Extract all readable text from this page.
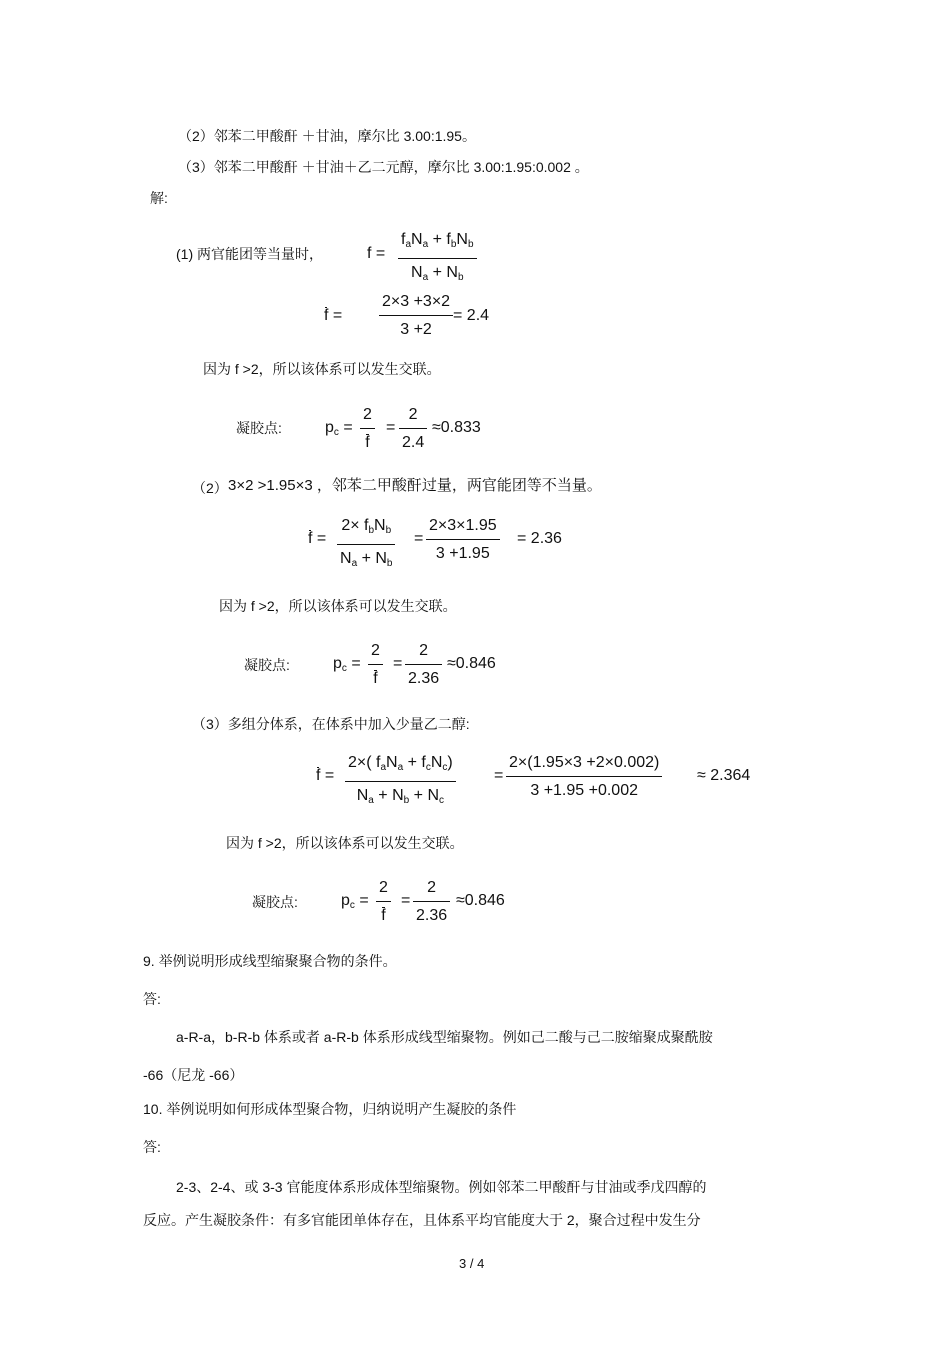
（2）邻苯二甲酸酐 ＋甘油，摩尔比 3.00:1.95。
（3）邻苯二甲酸酐 ＋甘油＋乙二元醇，摩尔比 3.00:1.95:0.002 。
解:
(1) 两官能团等当量时，	f =
$f_aN_a + f_bN_b$
$N_a + N_b$
f =
2×3 +3×2
3 +2
= 2.4
因为 f >2，所以该体系可以发生交联。
凝胶点:	$p_c$ =
2
f
=
2
2.4
≈0.833
（2） 3×2 >1.95×3 ，邻苯二甲酸酐过量，两官能团等不当量。
f =
$2\times f_bN_b$
$N_a + N_b$
=
2×3×1.95
3 +1.95
= 2.36
因为 f >2，所以该体系可以发生交联。
凝胶点:	$p_c$ =
2
f
=
2
2.36
≈0.846
（3）多组分体系，在体系中加入少量乙二醇:
f =
2×( $f_aN_a + f_cN_c$)
$N_a + N_b + N_c$
=
2×(1.95×3 +2×0.002)
3 +1.95 +0.002
≈ 2.364
因为 f >2，所以该体系可以发生交联。
凝胶点:	$p_c$ =
2
f
=
2
2.36
≈0.846
9. 举例说明形成线型缩聚聚合物的条件。
答:
a-R-a，b-R-b 体系或者 a-R-b 体系形成线型缩聚物。例如己二酸与己二胺缩聚成聚酰胺
-66（尼龙 -66）
10. 举例说明如何形成体型聚合物，归纳说明产生凝胶的条件
答:
2-3、2-4、或 3-3 官能度体系形成体型缩聚物。例如邻苯二甲酸酐与甘油或季戊四醇的
反应。产生凝胶条件：有多官能团单体存在，且体系平均官能度大于 2，聚合过程中发生分
3 / 4
